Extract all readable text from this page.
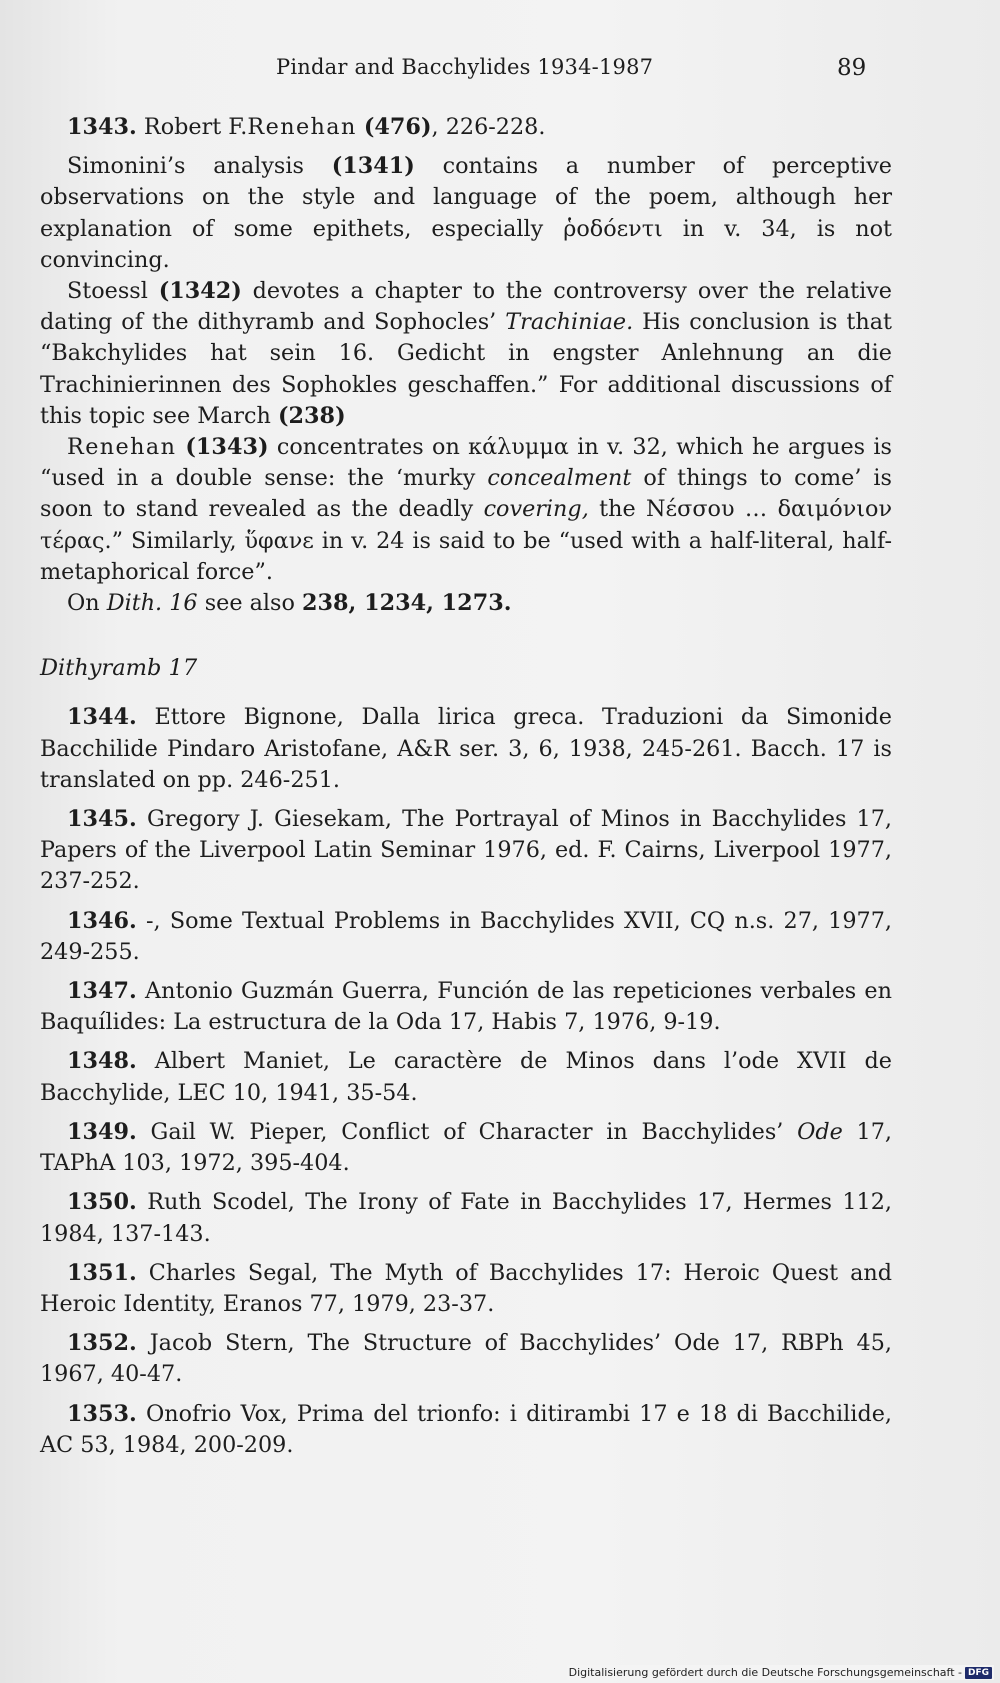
Pindar and Bacchylides 1934-1987	89

1343. Robert F.Renehan (476), 226-228.

Simonini’s analysis (1341) contains a number of perceptive observations on the style and language of the poem, although her explanation of some epithets, especially ῥοδόεντι in v. 34, is not convincing.

Stoessl (1342) devotes a chapter to the controversy over the relative dating of the dithyramb and Sophocles’ Trachiniae. His conclusion is that “Bakchylides hat sein 16. Gedicht in engster Anlehnung an die Trachinierinnen des Sophokles geschaffen.” For additional discussions of this topic see March (238)

Renehan (1343) concentrates on κάλυμμα in v. 32, which he argues is “used in a double sense: the ‘murky concealment of things to come’ is soon to stand revealed as the deadly covering, the Νέσσου … δαιμόνιον τέρας.” Similarly, ὕφανε in v. 24 is said to be “used with a half-literal, half-metaphorical force”.

On Dith. 16 see also 238, 1234, 1273.

Dithyramb 17

1344. Ettore Bignone, Dalla lirica greca. Traduzioni da Simonide Bacchilide Pindaro Aristofane, A&R ser. 3, 6, 1938, 245-261. Bacch. 17 is translated on pp. 246-251.

1345. Gregory J. Giesekam, The Portrayal of Minos in Bacchylides 17, Papers of the Liverpool Latin Seminar 1976, ed. F. Cairns, Liverpool 1977, 237-252.

1346. -, Some Textual Problems in Bacchylides XVII, CQ n.s. 27, 1977, 249-255.

1347. Antonio Guzmán Guerra, Función de las repeticiones verbales en Baquílides: La estructura de la Oda 17, Habis 7, 1976, 9-19.

1348. Albert Maniet, Le caractère de Minos dans l’ode XVII de Bacchylide, LEC 10, 1941, 35-54.

1349. Gail W. Pieper, Conflict of Character in Bacchylides’ Ode 17, TAPhA 103, 1972, 395-404.

1350. Ruth Scodel, The Irony of Fate in Bacchylides 17, Hermes 112, 1984, 137-143.

1351. Charles Segal, The Myth of Bacchylides 17: Heroic Quest and Heroic Identity, Eranos 77, 1979, 23-37.

1352. Jacob Stern, The Structure of Bacchylides’ Ode 17, RBPh 45, 1967, 40-47.

1353. Onofrio Vox, Prima del trionfo: i ditirambi 17 e 18 di Bacchilide, AC 53, 1984, 200-209.

Digitalisierung gefördert durch die Deutsche Forschungsgemeinschaft - DFG
